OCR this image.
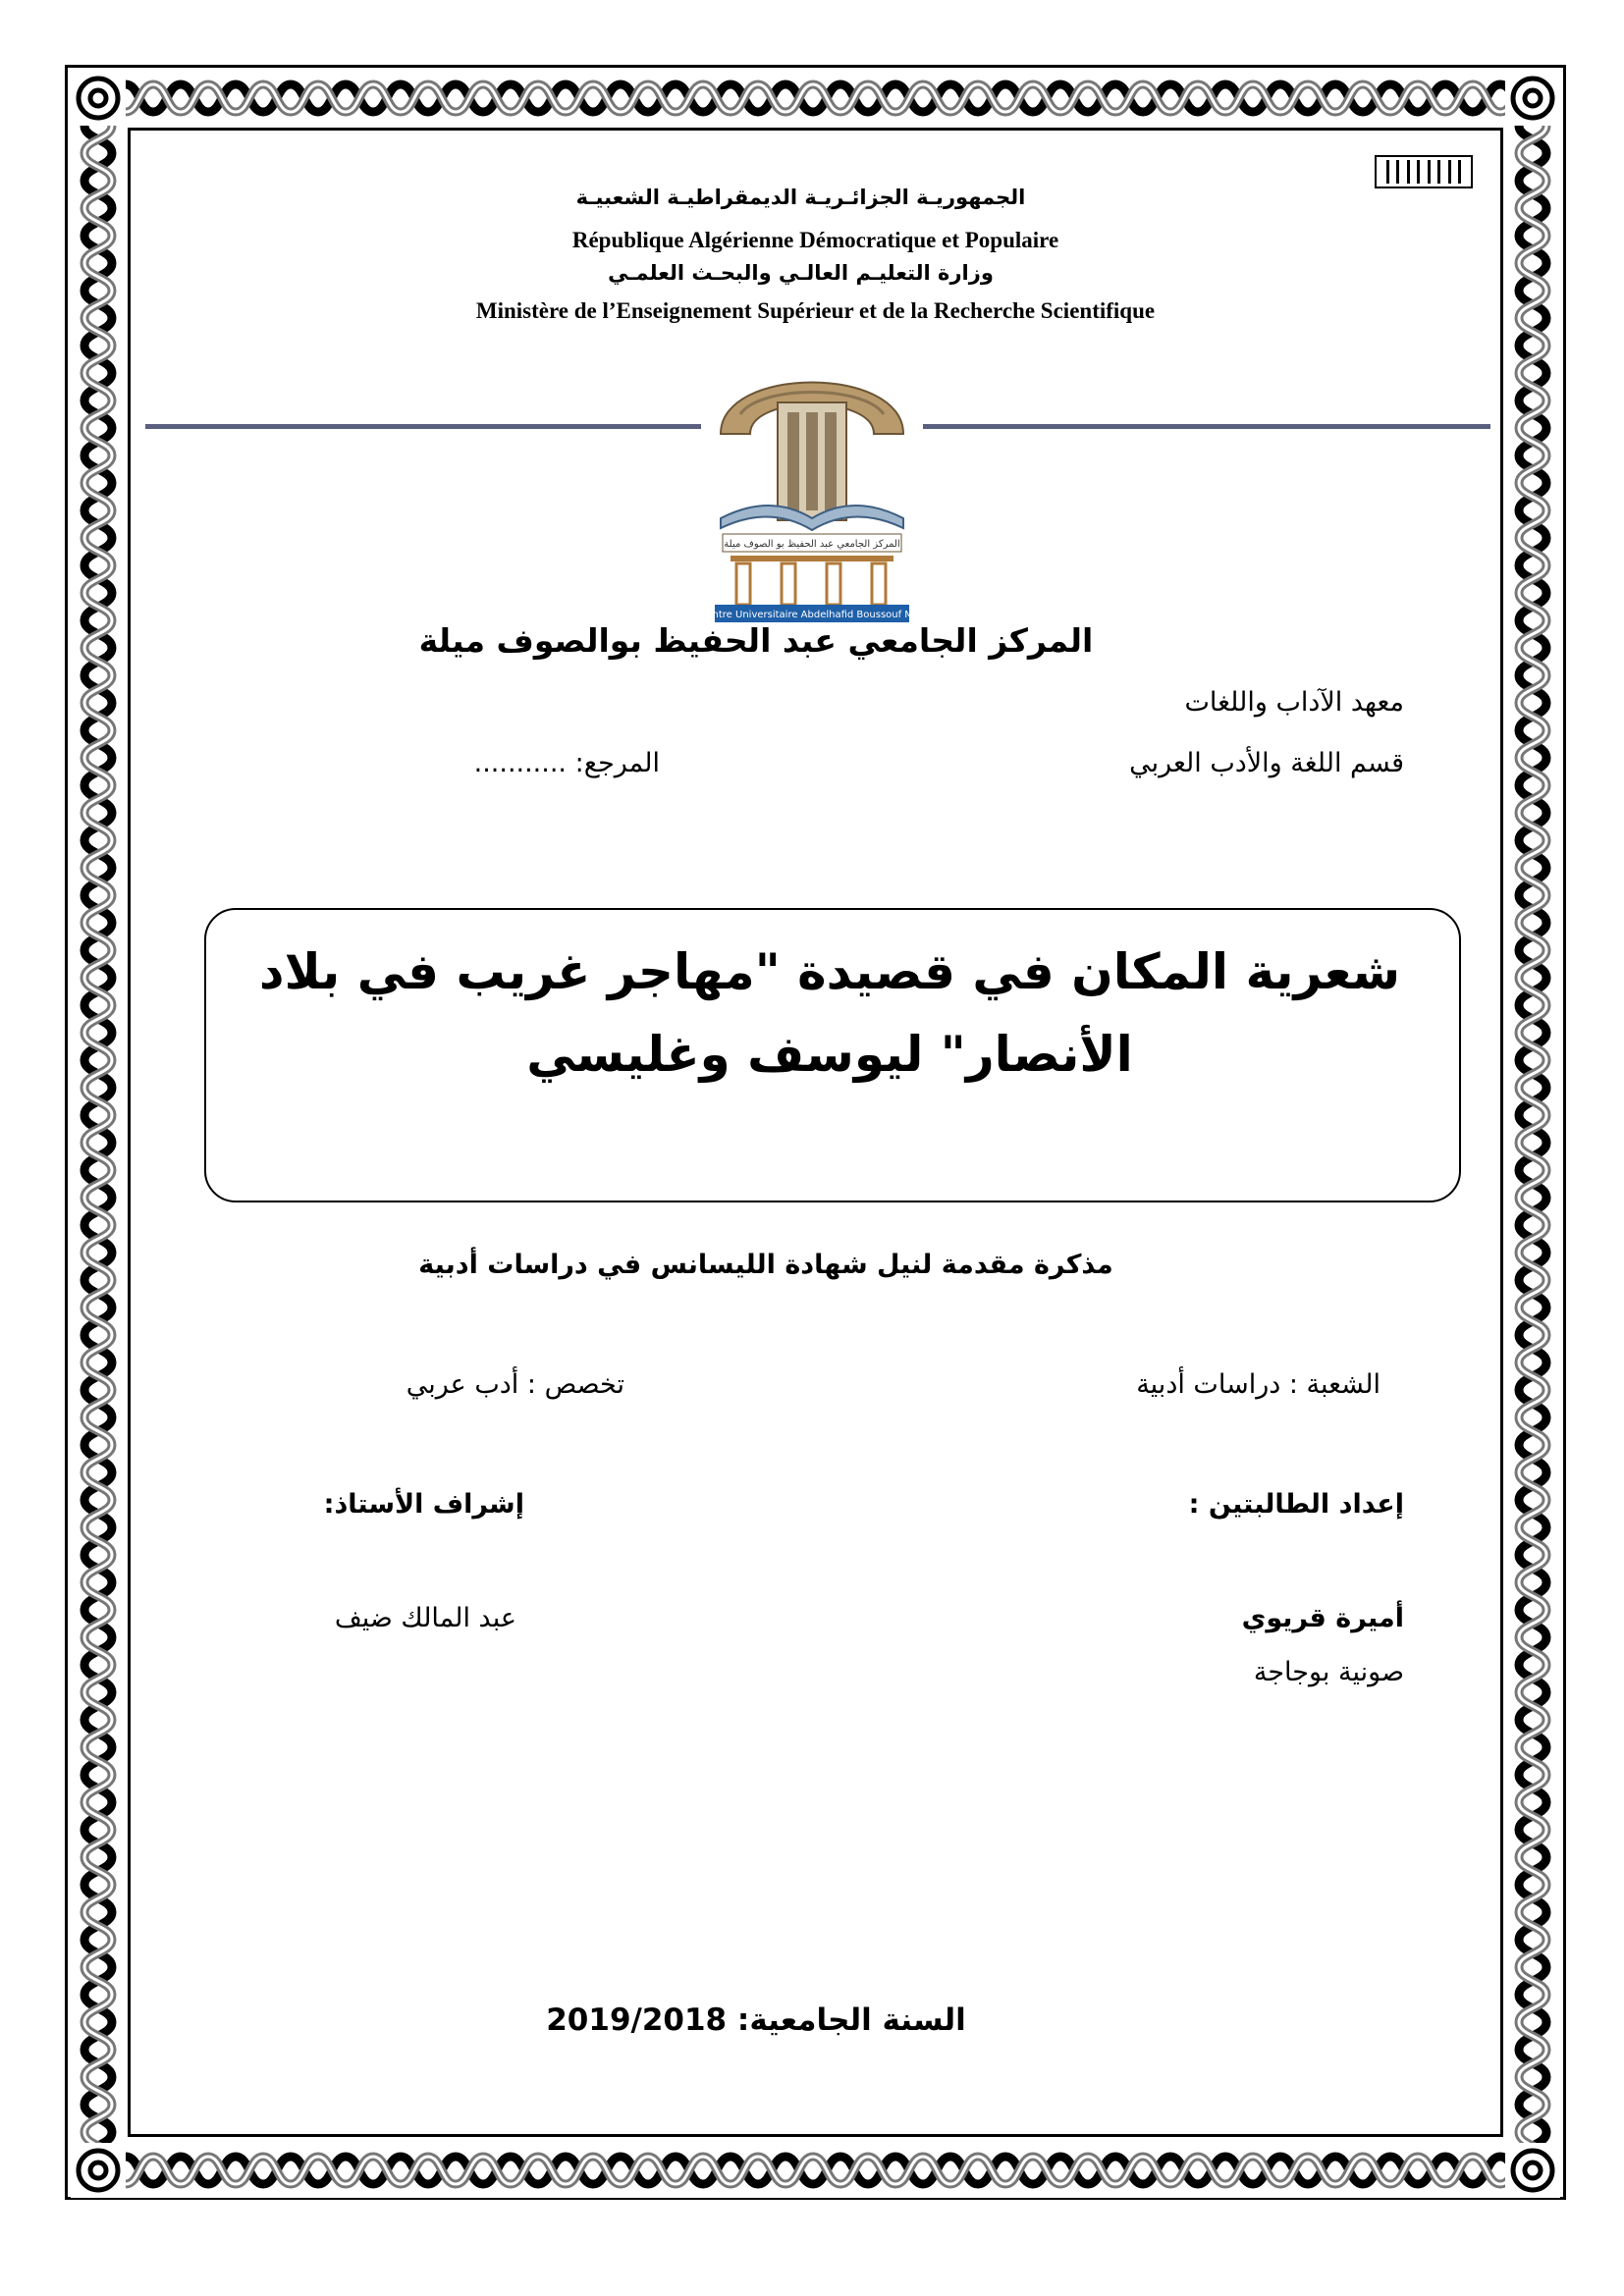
الجمهوريـة الجزائـريـة الديمقراطيـة الشعبيـة
République Algérienne Démocratique et Populaire
وزارة التعليـم العالـي والبحـث العلمـي
Ministère de l’Enseignement Supérieur et de la Recherche Scientifique
المركز الجامعي عبد الحفيظ بو الصوف ميلة
Centre Universitaire Abdelhafid Boussouf Mila
المركز الجامعي عبد الحفيظ بوالصوف ميلة
معهد الآداب واللغات
قسم اللغة والأدب العربي
المرجع: ...........
شعرية المكان في قصيدة "مهاجر غريب في بلاد
الأنصار" ليوسف وغليسي
مذكرة مقدمة لنيل شهادة الليسانس في دراسات أدبية
الشعبة : دراسات أدبية
تخصص : أدب عربي
إعداد الطالبتين :
إشراف الأستاذ:
أميرة قريوي
صونية بوجاجة
عبد المالك ضيف
السنة الجامعية: 2019/2018
